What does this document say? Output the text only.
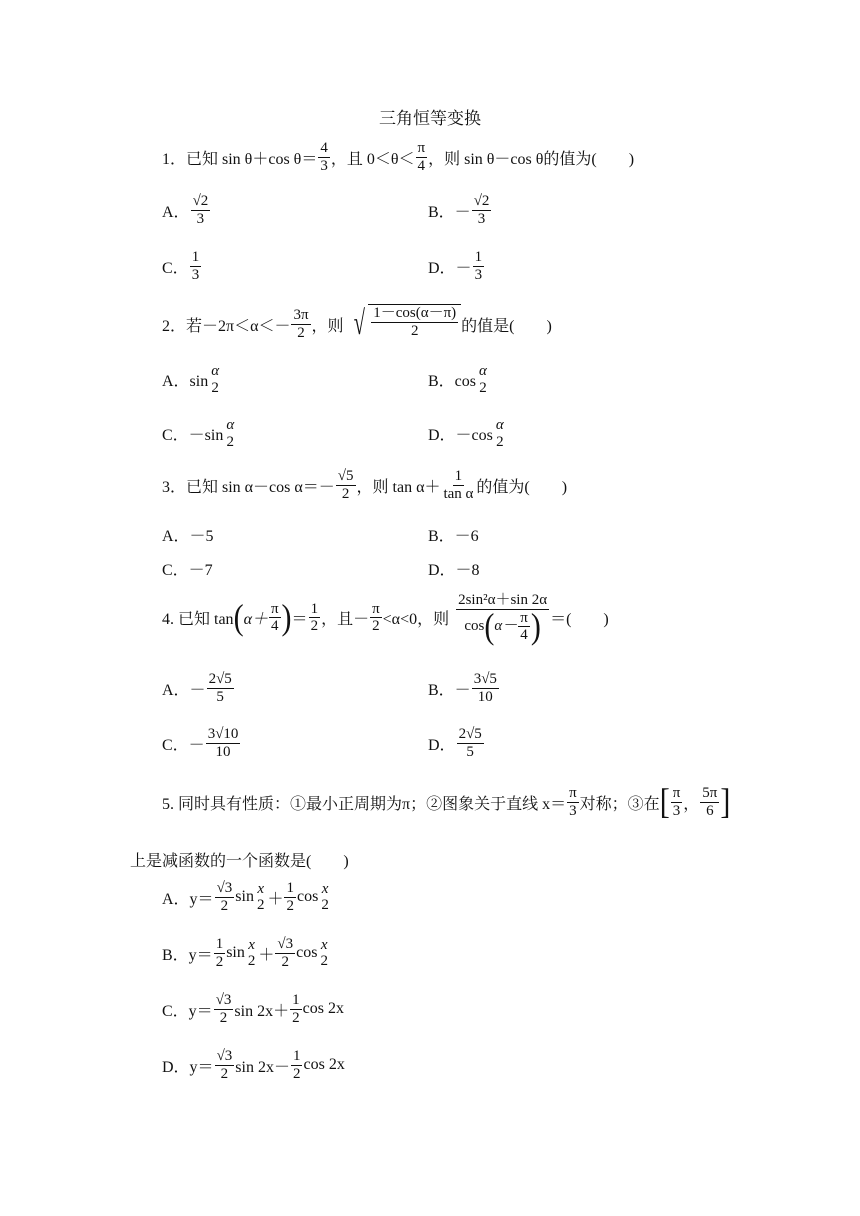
三角恒等变换
1．已知 sin θ＋cos $\theta= \frac{4}{3}$ ，且 $0<\theta< \frac{\pi}{4}$ ，则 sin θ－cos θ的值为(　　)
A． $\frac{√2}{3}$	B．－ $\frac{√2}{3}$
C． $\frac{1}{3}$	D．－ $\frac{1}{3}$
2．若$-2\pi<\alpha<- \frac{3\pi}{2}$ ，则 √ $\frac{1-\cos(\alpha-\pi)}{2}$ 的值是(　　)
A．sin
α
2	B．cos
α
2
C．－sin
α
2	D．－cos
α
2
3．已知 sin α－cos $\alpha=- \frac{√5}{2}$ ，则 $\tan \alpha+ \frac{1}{\text{tan α}}$ 的值为(　　)
A．－5	B．－6
C．－7	D．－8
4. 已知 tan ( $\alpha+ \frac{\pi}{4}$ ) ＝ $\frac{1}{2}$ ，且－ $\frac{\pi}{2} <\alpha<0$，则 $\frac{\text{2sin²α＋sin 2α}}{\cos ( \alpha- \frac{\pi}{4} )}$ ＝(　　)
A．－ $\frac{2√5}{5}$	B．－ $\frac{3√5}{10}$
C．－ $\frac{3√10}{10}$	D． $\frac{2√5}{5}$
5. 同时具有性质：①最小正周期为π；②图象关于直线 $x= \frac{\pi}{3}$ 对称；③在 [ $\frac{\pi}{3}$ ， $\frac{5\pi}{6}$ ]
上是减函数的一个函数是(　　)
A．$y= \frac{√3}{2}$ sin x
$2 + \frac{1}{2}$ cos x
2
B．$y= \frac{1}{2}$ sin x
$2 + \frac{√3}{2}$ cos x
2
C．$y= \frac{√3}{2}$ $\sin 2x+ \frac{1}{2}$ cos 2x
D．$y= \frac{√3}{2}$ $\sin 2x- \frac{1}{2}$ cos 2x
